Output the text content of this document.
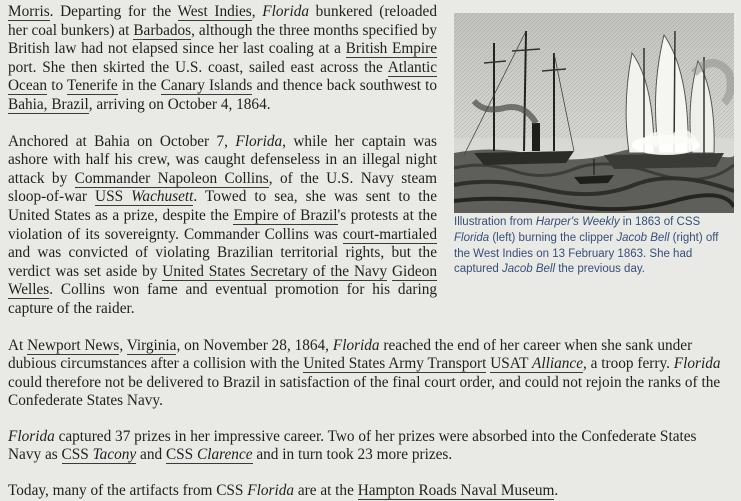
Morris. Departing for the West Indies, Florida bunkered (reloaded her coal bunkers) at Barbados, although the three months specified by British law had not elapsed since her last coaling at a British Empire port. She then skirted the U.S. coast, sailed east across the Atlantic Ocean to Tenerife in the Canary Islands and thence back southwest to Bahia, Brazil, arriving on October 4, 1864.

Anchored at Bahia on October 7, Florida, while her captain was ashore with half his crew, was caught defenseless in an illegal night attack by Commander Napoleon Collins, of the U.S. Navy steam sloop-of-war USS Wachusett. Towed to sea, she was sent to the United States as a prize, despite the Empire of Brazil's protests at the violation of its sovereignty. Commander Collins was court-martialed and was convicted of violating Brazilian territorial rights, but the verdict was set aside by United States Secretary of the Navy Gideon Welles. Collins won fame and eventual promotion for his daring capture of the raider.

Illustration from Harper's Weekly in 1863 of CSS Florida (left) burning the clipper Jacob Bell (right) off the West Indies on 13 February 1863. She had captured Jacob Bell the previous day.

At Newport News, Virginia, on November 28, 1864, Florida reached the end of her career when she sank under dubious circumstances after a collision with the United States Army Transport USAT Alliance, a troop ferry. Florida could therefore not be delivered to Brazil in satisfaction of the final court order, and could not rejoin the ranks of the Confederate States Navy.

Florida captured 37 prizes in her impressive career. Two of her prizes were absorbed into the Confederate States Navy as CSS Tacony and CSS Clarence and in turn took 23 more prizes.

Today, many of the artifacts from CSS Florida are at the Hampton Roads Naval Museum.
